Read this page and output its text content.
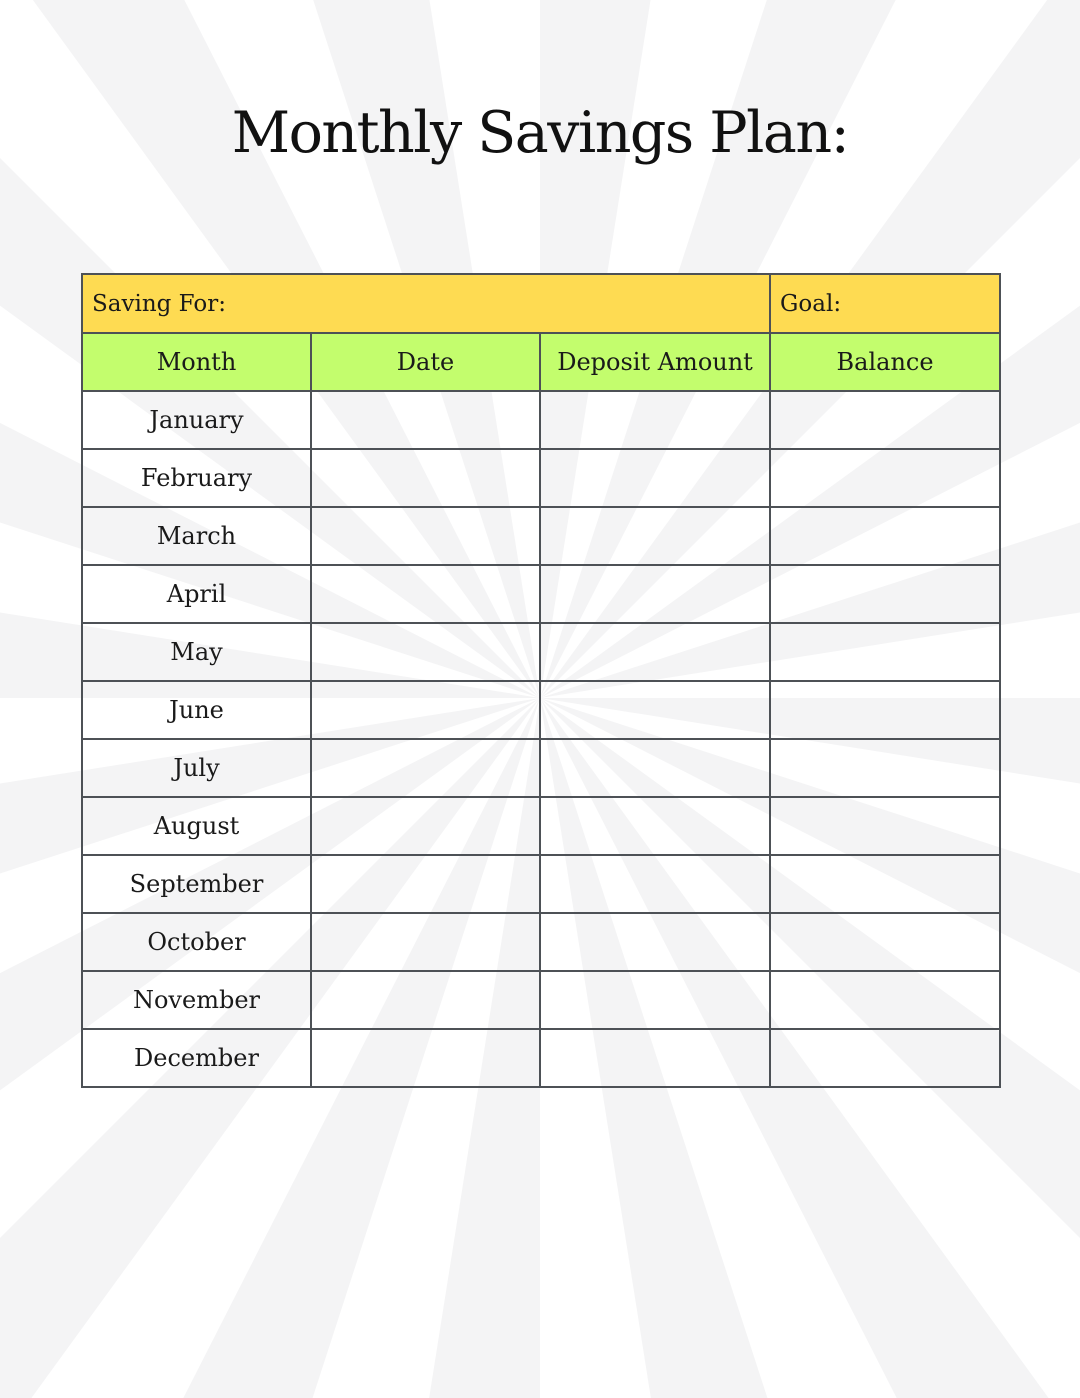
Monthly Savings Plan:
Saving For:			Goal:
Month	Date	Deposit Amount	Balance
January			
February			
March			
April			
May			
June			
July			
August			
September			
October			
November			
December			
